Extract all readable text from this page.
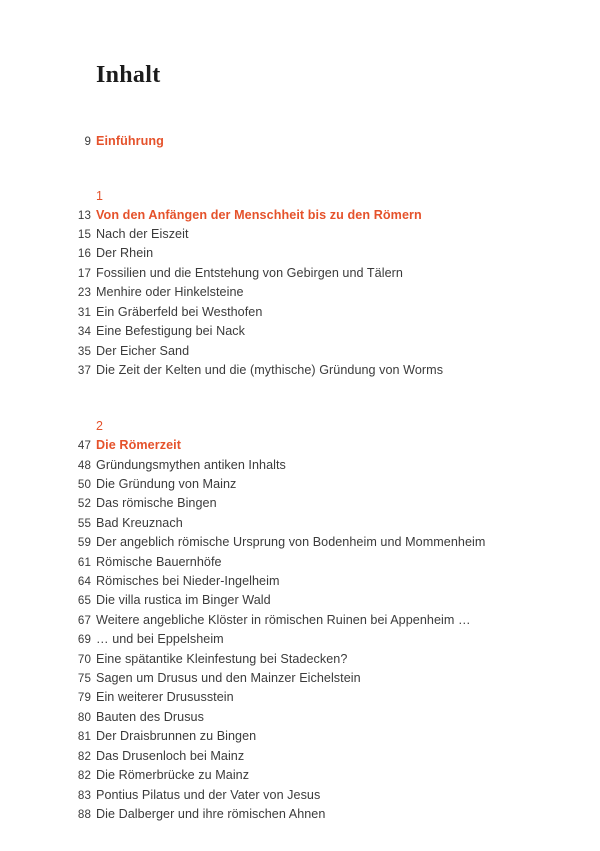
Inhalt
9 Einführung
1
13 Von den Anfängen der Menschheit bis zu den Römern
15 Nach der Eiszeit
16 Der Rhein
17 Fossilien und die Entstehung von Gebirgen und Tälern
23 Menhire oder Hinkelsteine
31 Ein Gräberfeld bei Westhofen
34 Eine Befestigung bei Nack
35 Der Eicher Sand
37 Die Zeit der Kelten und die (mythische) Gründung von Worms
2
47 Die Römerzeit
48 Gründungsmythen antiken Inhalts
50 Die Gründung von Mainz
52 Das römische Bingen
55 Bad Kreuznach
59 Der angeblich römische Ursprung von Bodenheim und Mommenheim
61 Römische Bauernhöfe
64 Römisches bei Nieder-Ingelheim
65 Die villa rustica im Binger Wald
67 Weitere angebliche Klöster in römischen Ruinen bei Appenheim …
69 … und bei Eppelsheim
70 Eine spätantike Kleinfestung bei Stadecken?
75 Sagen um Drusus und den Mainzer Eichelstein
79 Ein weiterer Drususstein
80 Bauten des Drusus
81 Der Draisbrunnen zu Bingen
82 Das Drusenloch bei Mainz
82 Die Römerbrücke zu Mainz
83 Pontius Pilatus und der Vater von Jesus
88 Die Dalberger und ihre römischen Ahnen
